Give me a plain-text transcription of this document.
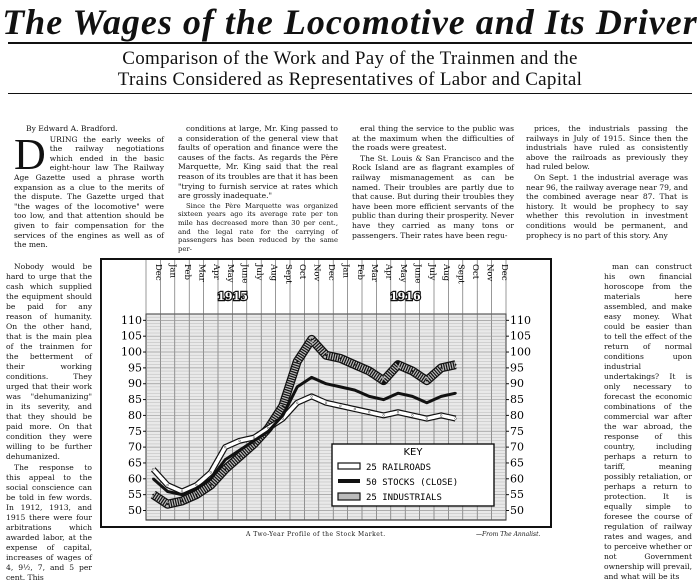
The Wages of the Locomotive and Its Driver
Comparison of the Work and Pay of the Trainmen and the
Trains Considered as Representatives of Labor and Capital

By Edward A. Bradford.

DURING the early weeks of the railway negotiations which ended in the basic eight-hour law The Railway Age Gazette used a phrase worth expansion as a clue to the merits of the dispute. The Gazette urged that "the wages of the locomotive" were too low, and that attention should be given to fair compensation for the services of the engines as well as of the men.

conditions at large, Mr. King passed to a consideration of the general view that faults of operation and finance were the causes of the facts. As regards the Père Marquette, Mr. King said that the real reason of its troubles are that it has been "trying to furnish service at rates which are grossly inadequate."

Since the Père Marquette was organized sixteen years ago its average rate per ton mile has decreased more than 30 per cent., and the legal rate for the carrying of passengers has been reduced by the same per-

eral thing the service to the public was at the maximum when the difficulties of the roads were greatest.

The St. Louis & San Francisco and the Rock Island are as flagrant examples of railway mismanagement as can be named. Their troubles are partly due to that cause. But during their troubles they have been more efficient servants of the public than during their prosperity. Never have they carried as many tons or passengers. Their rates have been regu-

prices, the industrials passing the railways in July of 1915. Since then the industrials have ruled as consistently above the railroads as previously they had ruled below.

On Sept. 1 the industrial average was near 96, the railway average near 79, and the combined average near 87. That is history. It would be prophecy to say whether this revolution in investment conditions would be permanent, and prophecy is no part of this story. Any

Nobody would be hard to urge that the cash which supplied the equipment should be paid for any reason of humanity. On the other hand, that is the main plea of the trainmen for the betterment of their working conditions. They urged that their work was "dehumanizing" in its severity, and that they should be paid more. On that condition they were willing to be further dehumanized.

The response to this appeal to the social conscience can be told in few words. In 1912, 1913, and 1915 there were four arbitrations which awarded labor, at the expense of capital, increases of wages of 4, 9½, 7, and 5 per cent. This

man can construct his own financial horoscope from the materials here assembled, and make easy money. What could be easier than to tell the effect of the return of normal conditions upon industrial undertakings? It is only necessary to forecast the economic combinations of the commercial war after the war abroad, the response of this country, including perhaps a return to tariff, meaning possibly retaliation, or perhaps a return to protection. It is equally simple to foresee the course of regulation of railway rates and wages, and to perceive whether or not Government ownership will prevail, and what will be its

Dec Jan Feb Mar Apr May June July Aug Sept Oct Nov Dec Jan Feb Mar Apr May June July Aug Sept Oct Nov Dec
1915	1916
50	50
55	55
60	60
65	65
70	70
75	75
80	80
85	85
90	90
95	95
100	100
105	105
110	110
KEY
25 RAILROADS
50 STOCKS (CLOSE)
25 INDUSTRIALS
A Two-Year Profile of the Stock Market.	—From The Annalist.
